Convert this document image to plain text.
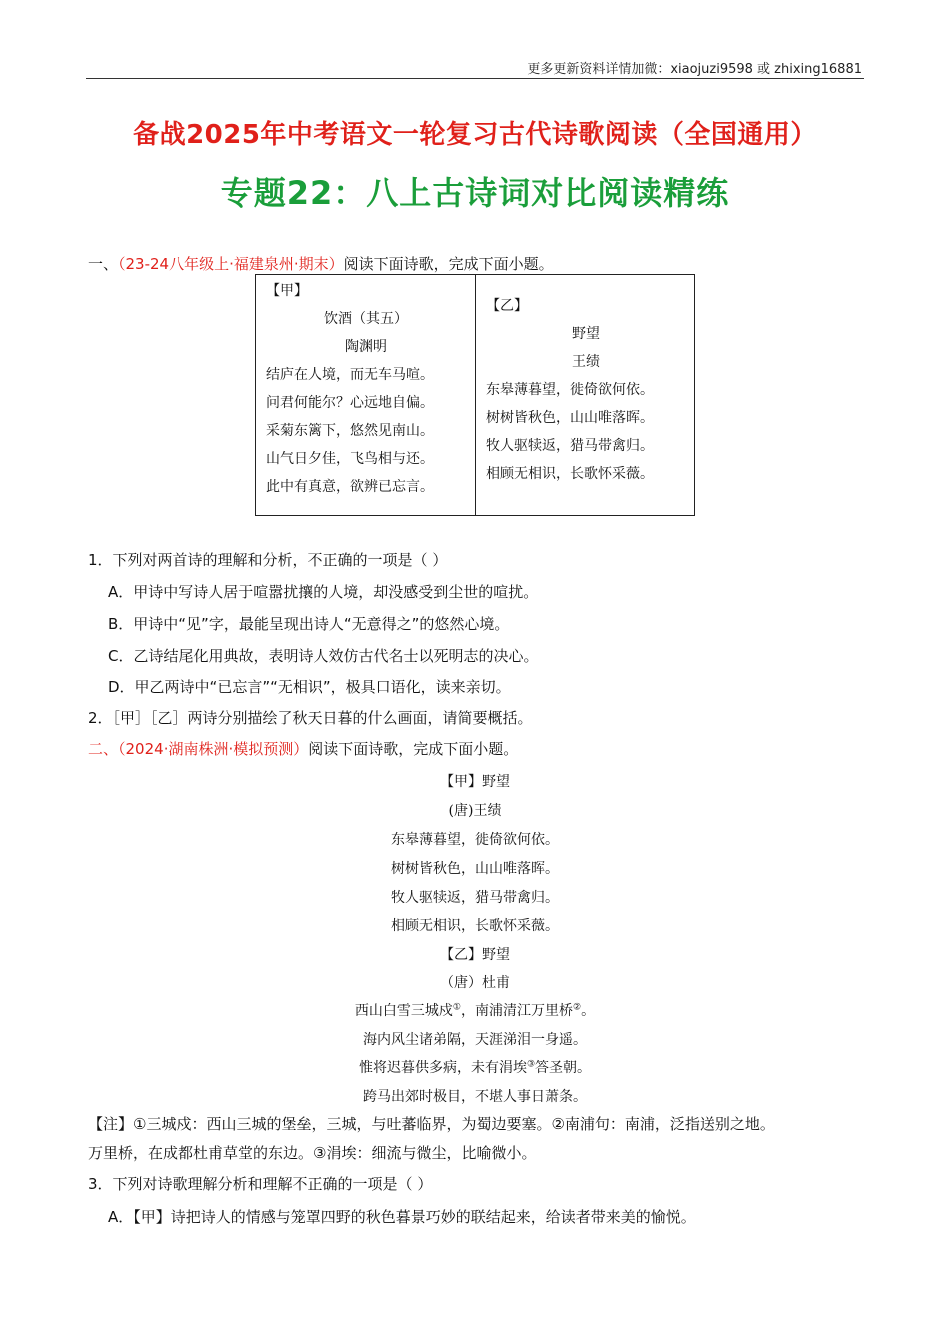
更多更新资料详情加微：xiaojuzi9598 或 zhixing16881
备战2025年中考语文一轮复习古代诗歌阅读（全国通用）
专题22：八上古诗词对比阅读精练
一、（23-24八年级上·福建泉州·期末）阅读下面诗歌，完成下面小题。
【甲】
饮酒（其五）
陶渊明
结庐在人境，而无车马喧。
问君何能尔？心远地自偏。
采菊东篱下，悠然见南山。
山气日夕佳，飞鸟相与还。
此中有真意，欲辨已忘言。
【乙】
野望
王绩
东皋薄暮望，徙倚欲何依。
树树皆秋色，山山唯落晖。
牧人驱犊返，猎马带禽归。
相顾无相识，长歌怀采薇。
1．下列对两首诗的理解和分析，不正确的一项是（ ）
A．甲诗中写诗人居于喧嚣扰攘的人境，却没感受到尘世的喧扰。
B．甲诗中“见”字，最能呈现出诗人“无意得之”的悠然心境。
C．乙诗结尾化用典故，表明诗人效仿古代名士以死明志的决心。
D．甲乙两诗中“已忘言”“无相识”，极具口语化，读来亲切。
2．［甲］［乙］两诗分别描绘了秋天日暮的什么画面，请简要概括。
二、（2024·湖南株洲·模拟预测）阅读下面诗歌，完成下面小题。
【甲】野望
(唐)王绩
东皋薄暮望，徙倚欲何依。
树树皆秋色，山山唯落晖。
牧人驱犊返，猎马带禽归。
相顾无相识，长歌怀采薇。
【乙】野望
（唐）杜甫
西山白雪三城戍①，南浦清江万里桥②。
海内风尘诸弟隔，天涯涕泪一身遥。
惟将迟暮供多病，未有涓埃③答圣朝。
跨马出郊时极目，不堪人事日萧条。
【注】①三城戍：西山三城的堡垒，三城，与吐蕃临界，为蜀边要塞。②南浦句：南浦，泛指送别之地。
万里桥，在成都杜甫草堂的东边。③涓埃：细流与微尘，比喻微小。
3．下列对诗歌理解分析和理解不正确的一项是（ ）
A．【甲】诗把诗人的情感与笼罩四野的秋色暮景巧妙的联结起来，给读者带来美的愉悦。
